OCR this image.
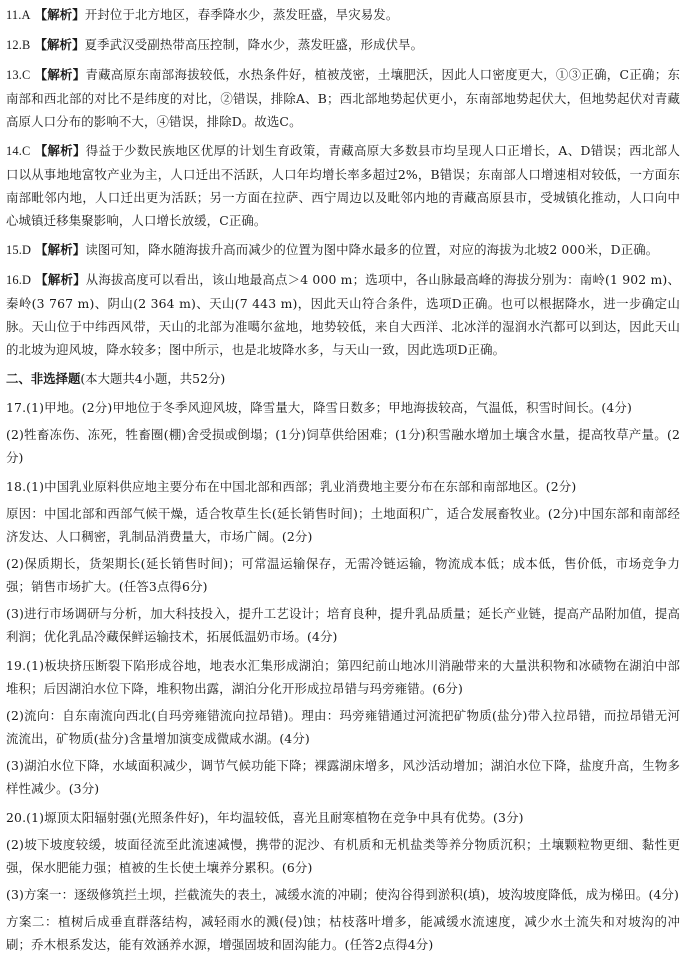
11.A 【解析】开封位于北方地区，春季降水少，蒸发旺盛，旱灾易发。
12.B 【解析】夏季武汉受副热带高压控制，降水少，蒸发旺盛，形成伏旱。
13.C 【解析】青藏高原东南部海拔较低，水热条件好，植被茂密，土壤肥沃，因此人口密度更大，①③正确，C正确；东南部和西北部的对比不是纬度的对比，②错误，排除A、B；西北部地势起伏更小，东南部地势起伏大，但地势起伏对青藏高原人口分布的影响不大，④错误，排除D。故选C。
14.C 【解析】得益于少数民族地区优厚的计划生育政策，青藏高原大多数县市均呈现人口正增长，A、D错误；西北部人口以从事地地富牧产业为主，人口迁出不活跃，人口年均增长率多超过2%，B错误；东南部人口增速相对较低，一方面东南部毗邻内地，人口迁出更为活跃；另一方面在拉萨、西宁周边以及毗邻内地的青藏高原县市，受城镇化推动，人口向中心城镇迁移集聚影响，人口增长放缓，C正确。
15.D 【解析】读图可知，降水随海拔升高而减少的位置为图中降水最多的位置，对应的海拔为北坡2 000米，D正确。
16.D 【解析】从海拔高度可以看出，该山地最高点＞4 000 m；选项中，各山脉最高峰的海拔分别为：南岭(1 902 m)、秦岭(3 767 m)、阴山(2 364 m)、天山(7 443 m)，因此天山符合条件，选项D正确。也可以根据降水，进一步确定山脉。天山位于中纬西风带，天山的北部为准噶尔盆地，地势较低，来自大西洋、北冰洋的湿润水汽都可以到达，因此天山的北坡为迎风坡，降水较多；图中所示，也是北坡降水多，与天山一致，因此选项D正确。
二、非选择题(本大题共4小题，共52分)
17.(1)甲地。(2分)甲地位于冬季风迎风坡，降雪量大，降雪日数多；甲地海拔较高，气温低，积雪时间长。(4分)
(2)牲畜冻伤、冻死，牲畜圈(棚)舍受损或倒塌；(1分)饲草供给困难；(1分)积雪融水增加土壤含水量，提高牧草产量。(2分)
18.(1)中国乳业原料供应地主要分布在中国北部和西部；乳业消费地主要分布在东部和南部地区。(2分)
原因：中国北部和西部气候干燥，适合牧草生长(延长销售时间)；土地面积广，适合发展畜牧业。(2分)中国东部和南部经济发达、人口稠密，乳制品消费量大，市场广阔。(2分)
(2)保质期长，货架期长(延长销售时间)；可常温运输保存，无需冷链运输，物流成本低；成本低，售价低，市场竞争力强；销售市场扩大。(任答3点得6分)
(3)进行市场调研与分析，加大科技投入，提升工艺设计；培育良种，提升乳品质量；延长产业链，提高产品附加值，提高利润；优化乳品冷藏保鲜运输技术，拓展低温奶市场。(4分)
19.(1)板块挤压断裂下陷形成谷地，地表水汇集形成湖泊；第四纪前山地冰川消融带来的大量洪积物和冰碛物在湖泊中部堆积；后因湖泊水位下降，堆积物出露，湖泊分化开形成拉昂错与玛旁雍错。(6分)
(2)流向：自东南流向西北(自玛旁雍错流向拉昂错)。理由：玛旁雍错通过河流把矿物质(盐分)带入拉昂错，而拉昂错无河流流出，矿物质(盐分)含量增加演变成微咸水湖。(4分)
(3)湖泊水位下降，水域面积减少，调节气候功能下降；裸露湖床增多，风沙活动增加；湖泊水位下降，盐度升高，生物多样性减少。(3分)
20.(1)塬顶太阳辐射强(光照条件好)，年均温较低，喜光且耐寒植物在竞争中具有优势。(3分)
(2)坡下坡度较缓，坡面径流至此流速减慢，携带的泥沙、有机质和无机盐类等养分物质沉积；土壤颗粒物更细、黏性更强，保水肥能力强；植被的生长使土壤养分累积。(6分)
(3)方案一：逐级修筑拦土坝，拦截流失的表土，减缓水流的冲刷；使沟谷得到淤积(填)，坡沟坡度降低，成为梯田。(4分)
方案二：植树后成垂直群落结构，减轻雨水的溅(侵)蚀；枯枝落叶增多，能减缓水流速度，减少水土流失和对坡沟的冲刷；乔木根系发达，能有效涵养水源，增强固坡和固沟能力。(任答2点得4分)
